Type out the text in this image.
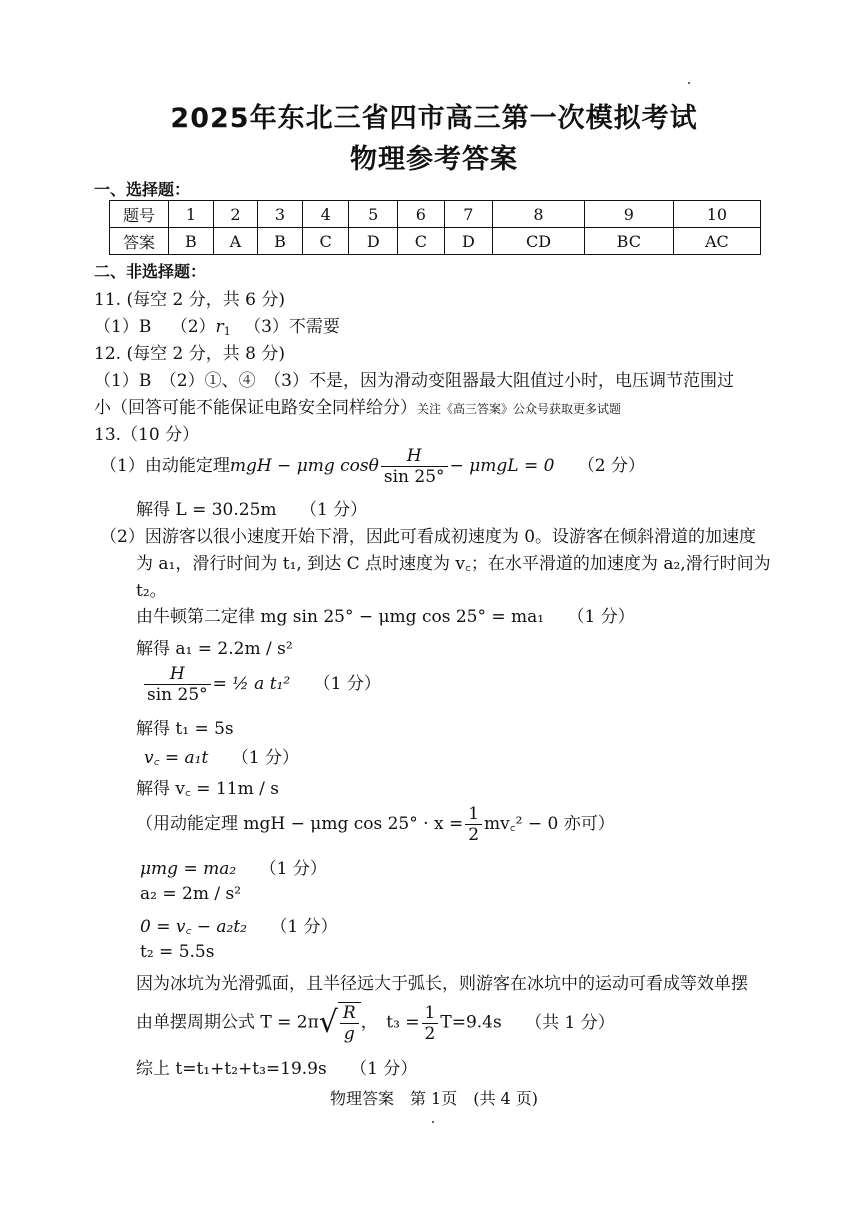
2025年东北三省四市高三第一次模拟考试
物理参考答案
一、选择题：
题号	1	2	3	4	5	6	7	8	9	10
答案	B	A	B	C	D	C	D	CD	BC	AC
二、非选择题：
11. (每空 2 分，共 6 分)
（1）B $(2)r_1$ （3）不需要
12. (每空 2 分，共 8 分)
（1）B　（2）①、④　（3）不是，因为滑动变阻器最大阻值过小时，电压调节范围过
小（回答可能不能保证电路安全同样给分）关注《高三答案》公众号获取更多试题
13.（10 分）
（1）由动能定理mgH − μmg cosθ $\frac{H}{\sin 25^\circ} - \mu mgL = 0$ （2 分）
解得 L = 30.25m （1 分）
（2）因游客以很小速度开始下滑，因此可看成初速度为 0。设游客在倾斜滑道的加速度
为 a₁，滑行时间为 t₁, 到达 C 点时速度为 v꜀；在水平滑道的加速度为 a₂,滑行时间为
t₂。
由牛顿第二定律 mg sin 25° − μmg cos 25° = ma₁ （1 分）
解得 a₁ = 2.2m / s²
$\frac{H}{\sin 25^\circ}$ = ½ a t₁² （1 分）
解得 t₁ = 5s
v꜀ = a₁t （1 分）
解得 v꜀ = 11m / s
（用动能定理 mgH − μmg $\cos 25^\circ \cdot x = \frac{1}{2}$ mv꜀² − 0 亦可）
μmg = ma₂ （1 分）
a₂ = 2m / s²
0 = v꜀ − a₂t₂ （1 分）
t₂ = 5.5s
因为冰坑为光滑弧面，且半径远大于弧长，则游客在冰坑中的运动可看成等效单摆
由单摆周期公式 $T = 2\pi√ \frac{R}{g}$ ，　$t_3 = \frac{1}{2} T=9.4s$ （共 1 分）
综上 t=t₁+t₂+t₃=19.9s （1 分）
物理答案　第 1页　(共 4 页)
